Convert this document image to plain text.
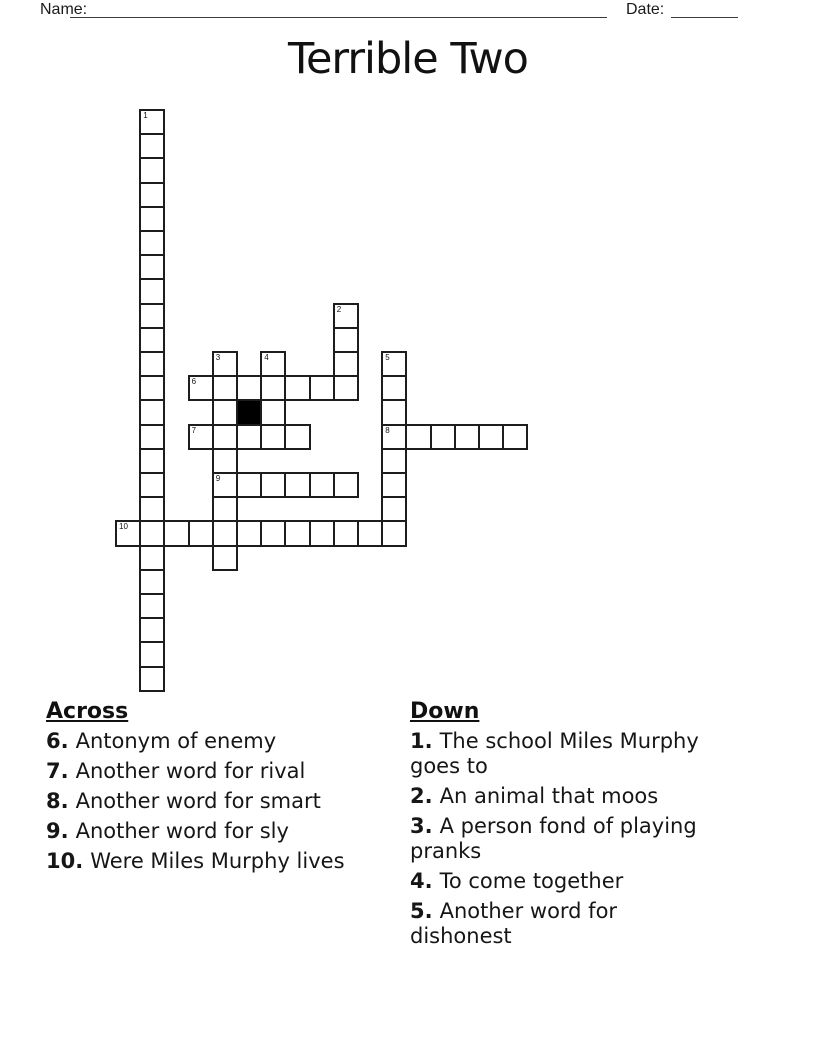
Name:	Date:
Terrible Two
1
2
3
9
4	5
8
6
7
10

Across

6. Antonym of enemy

7. Another word for rival

8. Another word for smart

9. Another word for sly

10. Were Miles Murphy lives

Down

1. The school Miles Murphy goes to

2. An animal that moos

3. A person fond of playing pranks

4. To come together

5. Another word for dishonest
